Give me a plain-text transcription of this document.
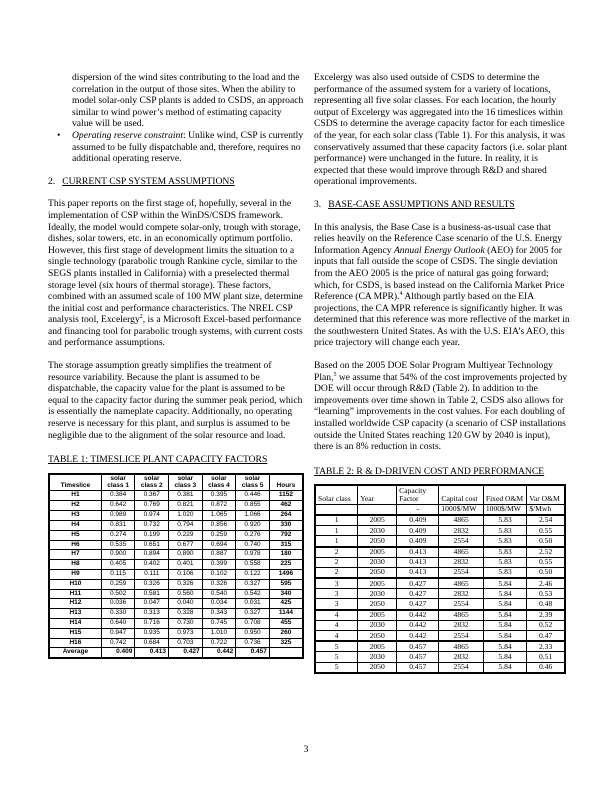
dispersion of the wind sites contributing to the load and the correlation in the output of those sites. When the ability to model solar-only CSP plants is added to CSDS, an approach similar to wind power’s method of estimating capacity value will be used.
• Operating reserve constraint: Unlike wind, CSP is currently assumed to be fully dispatchable and, therefore, requires no additional operating reserve.
2. CURRENT CSP SYSTEM ASSUMPTIONS

This paper reports on the first stage of, hopefully, several in the implementation of CSP within the WinDS/CSDS framework. Ideally, the model would compete solar-only, trough with storage, dishes, solar towers, etc. in an economically optimum portfolio. However, this first stage of development limits the situation to a single technology (parabolic trough Rankine cycle, similar to the SEGS plants installed in California) with a preselected thermal storage level (six hours of thermal storage). These factors, combined with an assumed scale of 100 MW plant size, determine the initial cost and performance characteristics. The NREL CSP analysis tool, Excelergy$^2$, is a Microsoft Excel-based performance and financing tool for parabolic trough systems, with current costs and performance assumptions.

The storage assumption greatly simplifies the treatment of resource variability. Because the plant is assumed to be dispatchable, the capacity value for the plant is assumed to be equal to the capacity factor during the summer peak period, which is essentially the nameplate capacity. Additionally, no operating reserve is necessary for this plant, and surplus is assumed to be negligible due to the alignment of the solar resource and load.

TABLE 1: TIMESLICE PLANT CAPACITY FACTORS
Timeslice	solar class 1	solar class 2	solar class 3	solar class 4	solar class 5	Hours
H1	0.384	0.367	0.381	0.395	0.446	1152
H2	0.642	0.769	0.821	0.872	0.855	462
H3	0.989	0.974	1.020	1.065	1.066	264
H4	0.831	0.732	0.794	0.856	0.920	330
H5	0.274	0.199	0.229	0.259	0.276	792
H6	0.535	0.651	0.677	0.694	0.740	315
H7	0.900	0.894	0.890	0.887	0.978	180
H8	0.405	0.402	0.401	0.399	0.558	225
H9	0.115	0.111	0.106	0.102	0.122	1496
H10	0.259	0.326	0.326	0.326	0.327	595
H11	0.502	0.581	0.560	0.540	0.542	340
H12	0.036	0.047	0.040	0.034	0.031	425
H13	0.330	0.313	0.328	0.343	0.327	1144
H14	0.640	0.716	0.730	0.745	0.708	455
H15	0.947	0.935	0.973	1.010	0.950	260
H16	0.742	0.684	0.703	0.722	0.736	325
Average	0.409	0.413	0.427	0.442	0.457	

Excelergy was also used outside of CSDS to determine the performance of the assumed system for a variety of locations, representing all five solar classes. For each location, the hourly output of Excelergy was aggregated into the 16 timeslices within CSDS to determine the average capacity factor for each timeslice of the year, for each solar class (Table 1). For this analysis, it was conservatively assumed that these capacity factors (i.e. solar plant performance) were unchanged in the future. In reality, it is expected that these would improve through R&D and shared operational improvements.

3. BASE-CASE ASSUMPTIONS AND RESULTS

In this analysis, the Base Case is a business-as-usual case that relies heavily on the Reference Case scenario of the U.S. Energy Information Agency Annual Energy Outlook (AEO) for 2005 for inputs that fall outside the scope of CSDS. The single deviation from the AEO 2005 is the price of natural gas going forward; which, for CSDS, is based instead on the California Market Price Reference (CA MPR).$^4$ Although partly based on the EIA projections, the CA MPR reference is significantly higher. It was determined that this reference was more reflective of the market in the southwestern United States. As with the U.S. EIA’s AEO, this price trajectory will change each year.

Based on the 2005 DOE Solar Program Multiyear Technology Plan,$^5$ we assume that 54% of the cost improvements projected by DOE will occur through R&D (Table 2). In addition to the improvements over time shown in Table 2, CSDS also allows for “learning” improvements in the cost values. For each doubling of installed worldwide CSP capacity (a scenario of CSP installations outside the United States reaching 120 GW by 2040 is input), there is an 8% reduction in costs.

TABLE 2: R & D-DRIVEN COST AND PERFORMANCE
Solar class	Year	Capacity Factor	Capital cost	Fixed O&M	Var O&M
		-	1000$/MW	1000$/MW	$/Mwh
1	2005	0.409	4865	5.83	2.54
1	2030	0.409	2832	5.83	0.55
1	2050	0.409	2554	5.83	0.50
2	2005	0.413	4865	5.83	2.52
2	2030	0.413	2832	5.83	0.55
2	2050	0.413	2554	5.83	0.50
3	2005	0.427	4865	5.84	2.46
3	2030	0.427	2832	5.84	0.53
3	2050	0.427	2554	5.84	0.48
4	2005	0.442	4865	5.84	2.39
4	2030	0.442	2832	5.84	0.52
4	2050	0.442	2554	5.84	0.47
5	2005	0.457	4865	5.84	2.33
5	2030	0.457	2832	5.84	0.51
5	2050	0.457	2554	5.84	0.46
3
